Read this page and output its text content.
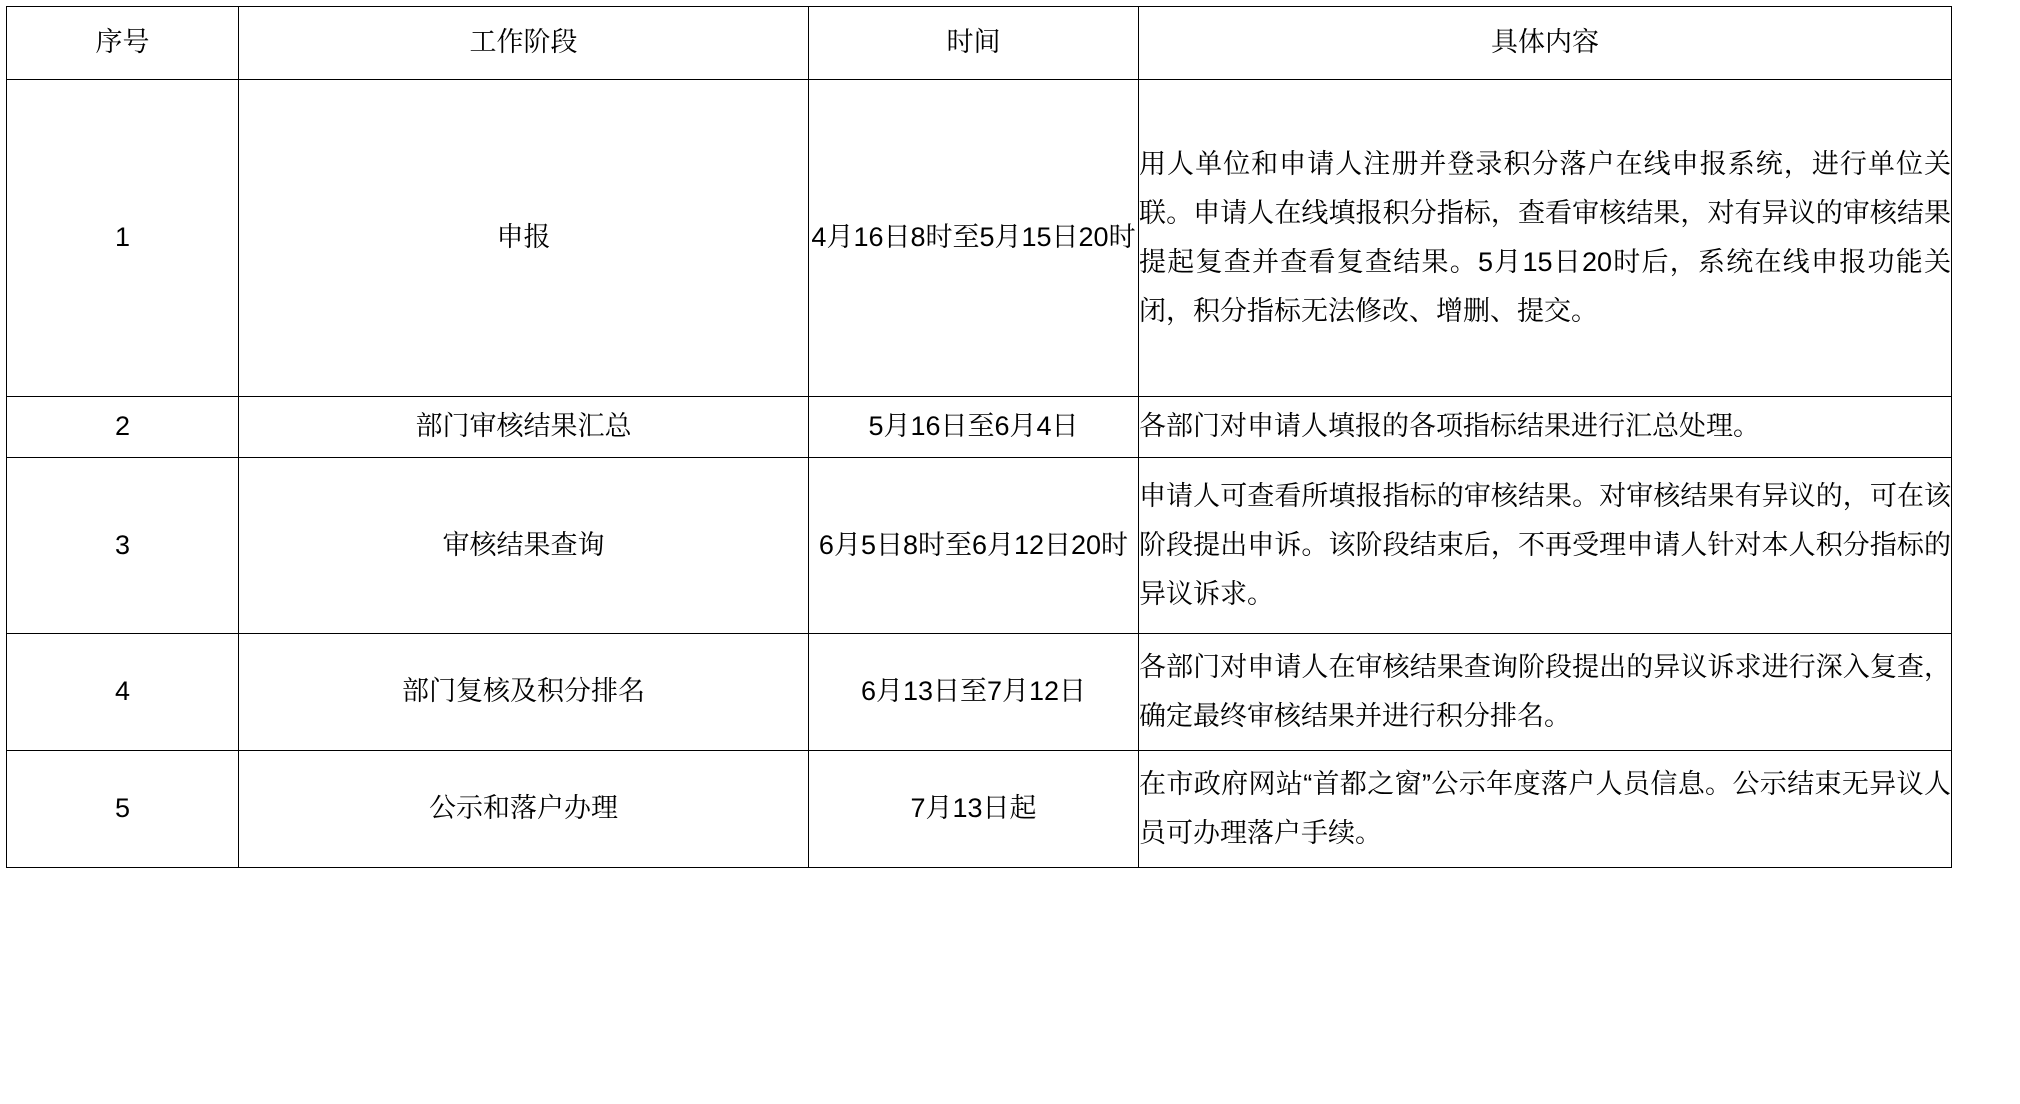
序号	工作阶段	时间	具体内容

1	申报	4月16日8时至5月15日20时	用人单位和申请人注册并登录积分落户在线申报系统，进行单位关联。申请人在线填报积分指标，查看审核结果，对有异议的审核结果提起复查并查看复查结果。5月15日20时后，系统在线申报功能关闭，积分指标无法修改、增删、提交。

2	部门审核结果汇总	5月16日至6月4日	各部门对申请人填报的各项指标结果进行汇总处理。

3	审核结果查询	6月5日8时至6月12日20时	申请人可查看所填报指标的审核结果。对审核结果有异议的，可在该阶段提出申诉。该阶段结束后，不再受理申请人针对本人积分指标的异议诉求。

4	部门复核及积分排名	6月13日至7月12日	各部门对申请人在审核结果查询阶段提出的异议诉求进行深入复查，确定最终审核结果并进行积分排名。

5	公示和落户办理	7月13日起	在市政府网站“首都之窗”公示年度落户人员信息。公示结束无异议人员可办理落户手续。
